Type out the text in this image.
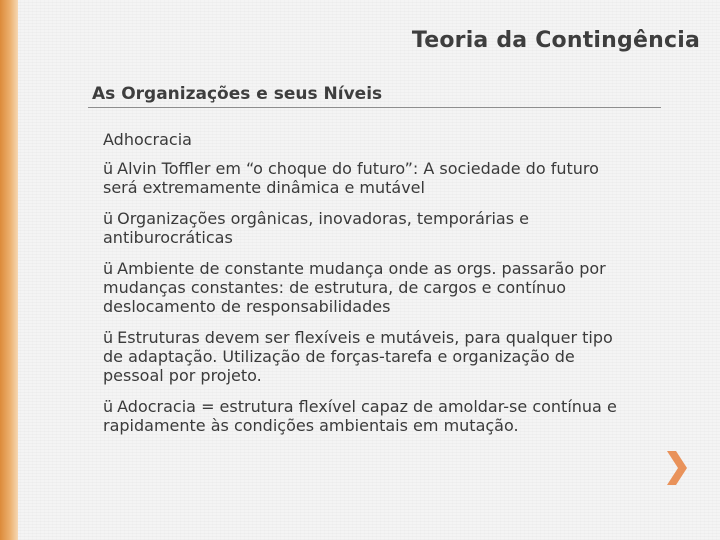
Teoria da Contingência
As Organizações e seus Níveis
Adhocracia
ü Alvin Toffler em “o choque do futuro”: A sociedade do futuro será extremamente dinâmica e mutável
ü Organizações orgânicas, inovadoras, temporárias e antiburocráticas
ü Ambiente de constante mudança onde as orgs. passarão por mudanças constantes: de estrutura, de cargos e contínuo deslocamento de responsabilidades
ü Estruturas devem ser flexíveis e mutáveis, para qualquer tipo de adaptação. Utilização de forças-tarefa e organização de pessoal por projeto.
ü Adocracia = estrutura flexível capaz de amoldar-se contínua e rapidamente às condições ambientais em mutação.
